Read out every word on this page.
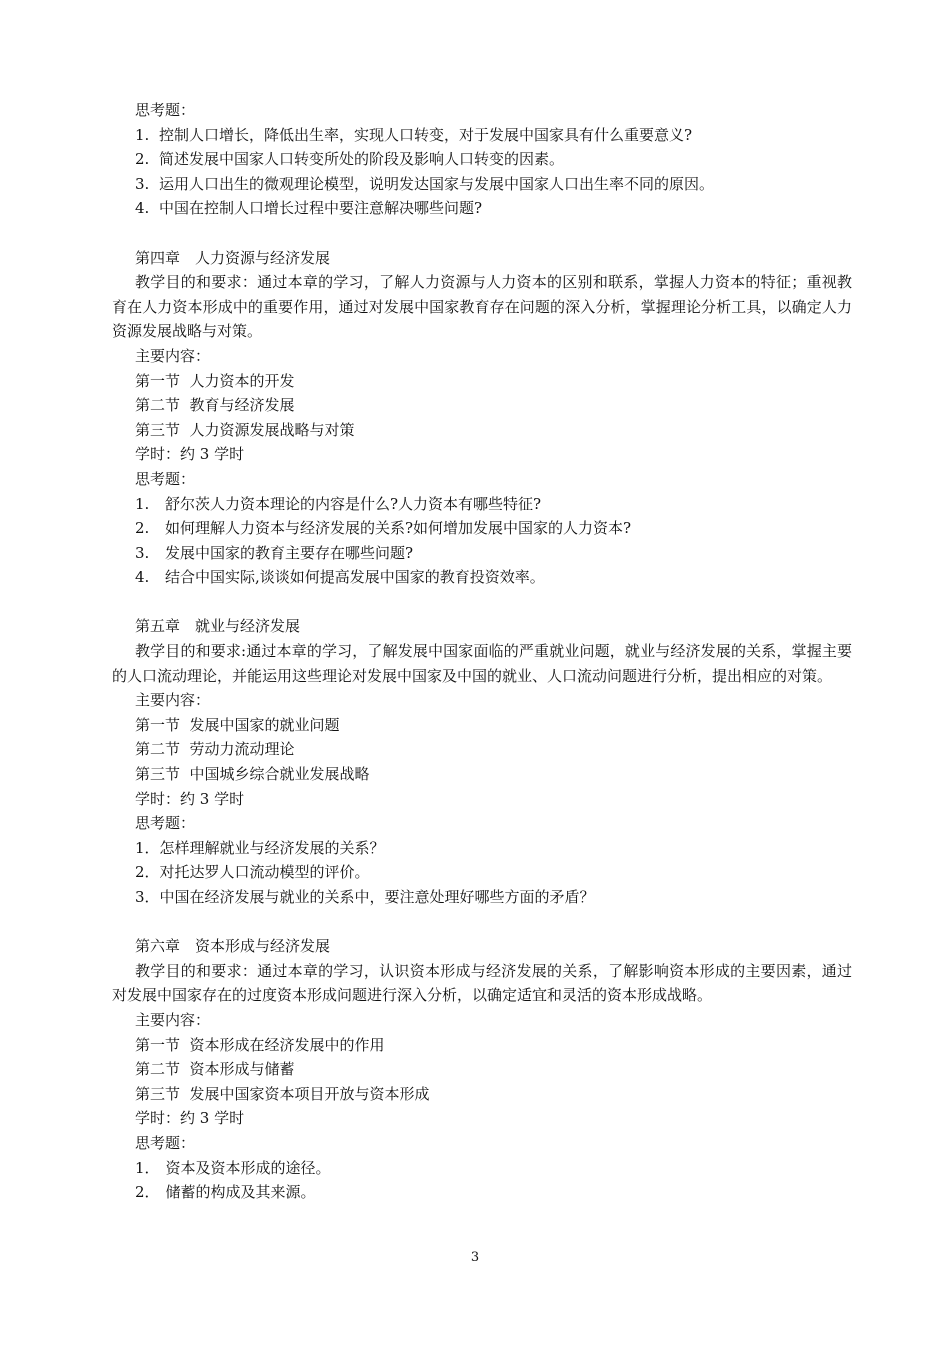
思考题：
1. 控制人口增长，降低出生率，实现人口转变，对于发展中国家具有什么重要意义?
2. 简述发展中国家人口转变所处的阶段及影响人口转变的因素。
3. 运用人口出生的微观理论模型，说明发达国家与发展中国家人口出生率不同的原因。
4. 中国在控制人口增长过程中要注意解决哪些问题?
第四章　人力资源与经济发展
教学目的和要求：通过本章的学习，了解人力资源与人力资本的区别和联系，掌握人力资本的特征；重视教育在人力资本形成中的重要作用，通过对发展中国家教育存在问题的深入分析，掌握理论分析工具，以确定人力资源发展战略与对策。
主要内容：
第一节  人力资本的开发
第二节  教育与经济发展
第三节  人力资源发展战略与对策
学时：约 3 学时
思考题：
1. 舒尔茨人力资本理论的内容是什么?人力资本有哪些特征?
2. 如何理解人力资本与经济发展的关系?如何增加发展中国家的人力资本?
3. 发展中国家的教育主要存在哪些问题?
4. 结合中国实际,谈谈如何提高发展中国家的教育投资效率。
第五章　就业与经济发展
教学目的和要求:通过本章的学习，了解发展中国家面临的严重就业问题，就业与经济发展的关系，掌握主要的人口流动理论，并能运用这些理论对发展中国家及中国的就业、人口流动问题进行分析，提出相应的对策。
主要内容：
第一节  发展中国家的就业问题
第二节  劳动力流动理论
第三节  中国城乡综合就业发展战略
学时：约 3 学时
思考题：
1．怎样理解就业与经济发展的关系？
2．对托达罗人口流动模型的评价。
3．中国在经济发展与就业的关系中，要注意处理好哪些方面的矛盾？
第六章　资本形成与经济发展
教学目的和要求：通过本章的学习，认识资本形成与经济发展的关系，了解影响资本形成的主要因素，通过对发展中国家存在的过度资本形成问题进行深入分析，以确定适宜和灵活的资本形成战略。
主要内容：
第一节  资本形成在经济发展中的作用
第二节  资本形成与储蓄
第三节  发展中国家资本项目开放与资本形成
学时：约 3 学时
思考题：
1． 资本及资本形成的途径。
2． 储蓄的构成及其来源。
3
